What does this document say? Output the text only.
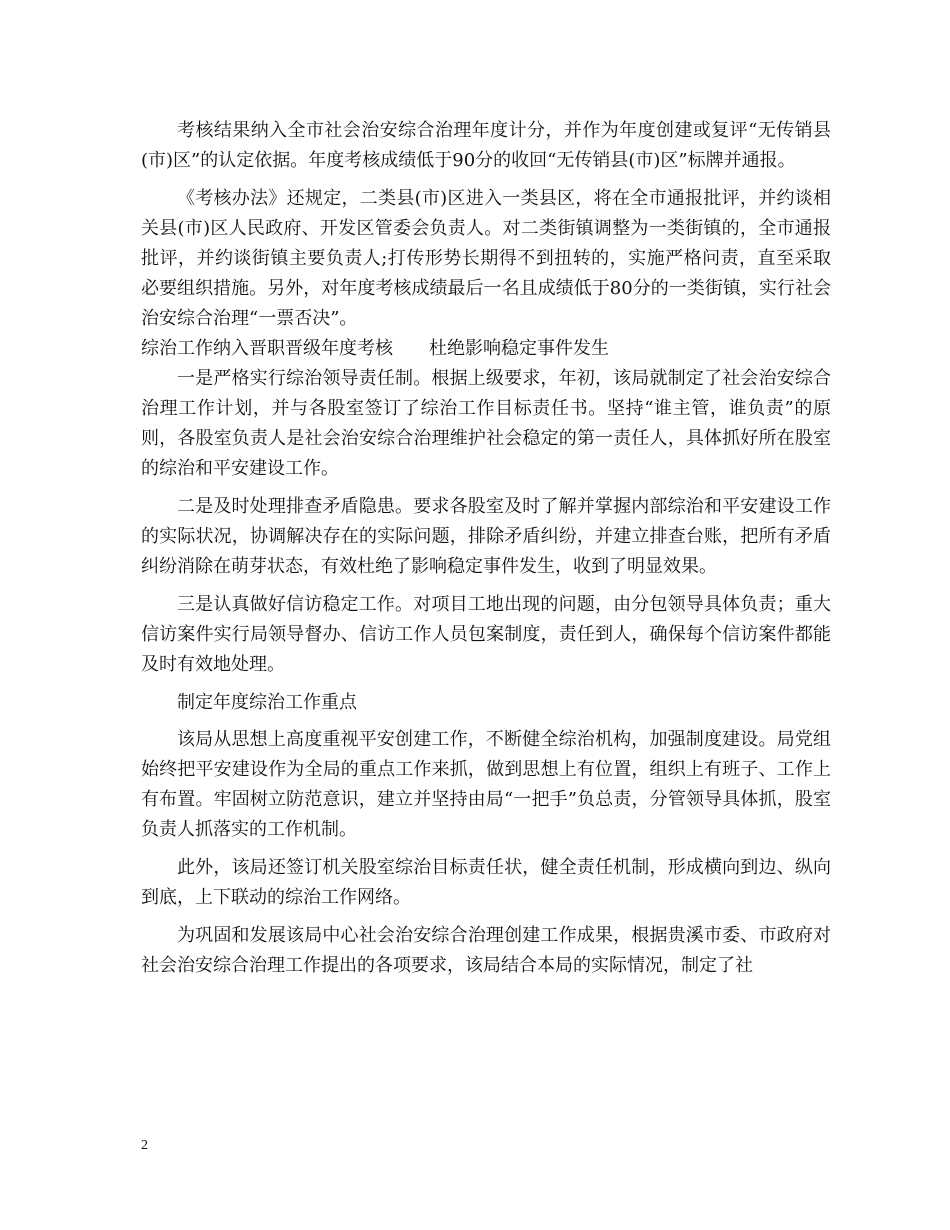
考核结果纳入全市社会治安综合治理年度计分，并作为年度创建或复评“无传销县(市)区”的认定依据。年度考核成绩低于90分的收回“无传销县(市)区”标牌并通报。

《考核办法》还规定，二类县(市)区进入一类县区，将在全市通报批评，并约谈相关县(市)区人民政府、开发区管委会负责人。对二类街镇调整为一类街镇的，全市通报批评，并约谈街镇主要负责人;打传形势长期得不到扭转的，实施严格问责，直至采取必要组织措施。另外，对年度考核成绩最后一名且成绩低于80分的一类街镇，实行社会治安综合治理“一票否决”。

综治工作纳入晋职晋级年度考核　　杜绝影响稳定事件发生

一是严格实行综治领导责任制。根据上级要求，年初，该局就制定了社会治安综合治理工作计划，并与各股室签订了综治工作目标责任书。坚持“谁主管，谁负责”的原则，各股室负责人是社会治安综合治理维护社会稳定的第一责任人，具体抓好所在股室的综治和平安建设工作。

二是及时处理排查矛盾隐患。要求各股室及时了解并掌握内部综治和平安建设工作的实际状况，协调解决存在的实际问题，排除矛盾纠纷，并建立排查台账，把所有矛盾纠纷消除在萌芽状态，有效杜绝了影响稳定事件发生，收到了明显效果。

三是认真做好信访稳定工作。对项目工地出现的问题，由分包领导具体负责；重大信访案件实行局领导督办、信访工作人员包案制度，责任到人，确保每个信访案件都能及时有效地处理。

制定年度综治工作重点

该局从思想上高度重视平安创建工作，不断健全综治机构，加强制度建设。局党组始终把平安建设作为全局的重点工作来抓，做到思想上有位置，组织上有班子、工作上有布置。牢固树立防范意识，建立并坚持由局“一把手”负总责，分管领导具体抓，股室负责人抓落实的工作机制。

此外，该局还签订机关股室综治目标责任状，健全责任机制，形成横向到边、纵向到底，上下联动的综治工作网络。

为巩固和发展该局中心社会治安综合治理创建工作成果，根据贵溪市委、市政府对社会治安综合治理工作提出的各项要求，该局结合本局的实际情况，制定了社

2
